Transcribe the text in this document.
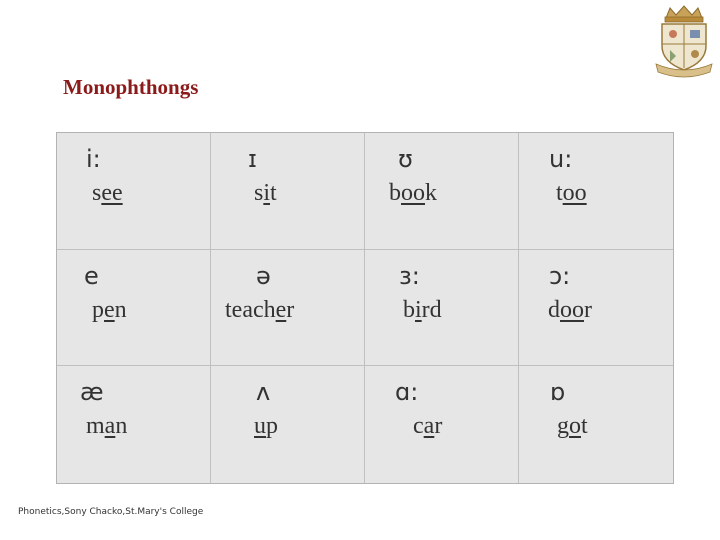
Monophthongs
i:
see
ɪ
sit
ʊ
book
u:
too
e
pen
ə
teacher
ɜ:
bird
ɔ:
door
æ
man
ʌ
up
ɑ:
car
ɒ
got
Phonetics,Sony Chacko,St.Mary's College
